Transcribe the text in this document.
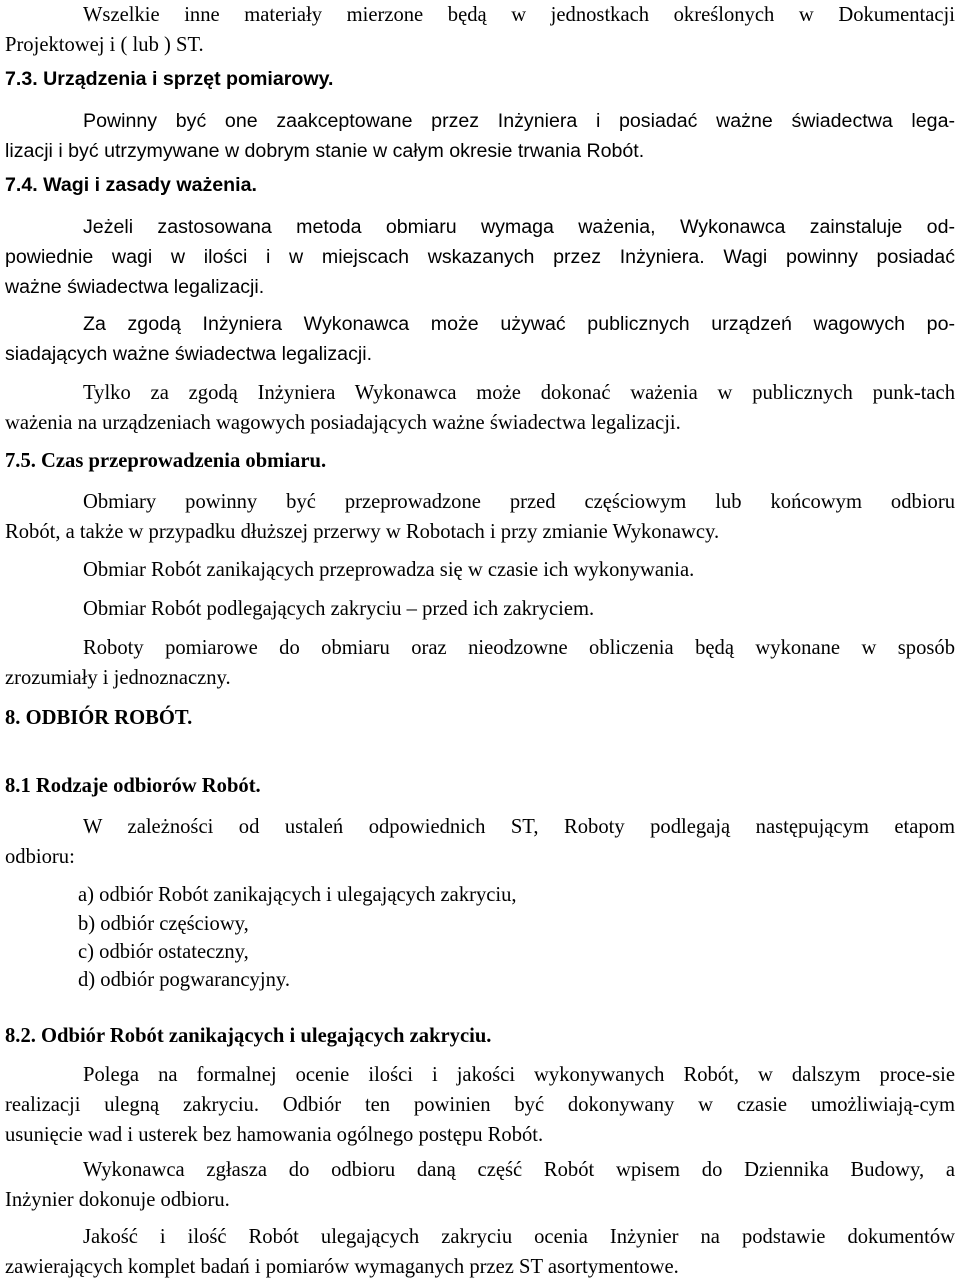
Wszelkie inne materiały mierzone będą w jednostkach określonych w Dokumentacji
Projektowej i ( lub ) ST.

7.3. Urządzenia i sprzęt pomiarowy.

Powinny być one zaakceptowane przez Inżyniera i posiadać ważne świadectwa lega-
lizacji i być utrzymywane w dobrym stanie w całym okresie trwania Robót.

7.4. Wagi i zasady ważenia.

Jeżeli zastosowana metoda obmiaru wymaga ważenia, Wykonawca zainstaluje od-
powiednie wagi w ilości i w miejscach wskazanych przez Inżyniera. Wagi powinny posiadać
ważne świadectwa legalizacji.

Za zgodą Inżyniera Wykonawca może używać publicznych urządzeń wagowych po-
siadających ważne świadectwa legalizacji.

Tylko za zgodą Inżyniera Wykonawca może dokonać ważenia w publicznych punk-tach
ważenia na urządzeniach wagowych posiadających ważne świadectwa legalizacji.

7.5. Czas przeprowadzenia obmiaru.

Obmiary powinny być przeprowadzone przed częściowym lub końcowym odbioru
Robót, a także w przypadku dłuższej przerwy w Robotach i przy zmianie Wykonawcy.

Obmiar Robót zanikających przeprowadza się w czasie ich wykonywania.

Obmiar Robót podlegających zakryciu – przed ich zakryciem.

Roboty pomiarowe do obmiaru oraz nieodzowne obliczenia będą wykonane w sposób
zrozumiały i jednoznaczny.

8. ODBIÓR ROBÓT.

8.1 Rodzaje odbiorów Robót.

W zależności od ustaleń odpowiednich ST, Roboty podlegają następującym etapom
odbioru:

a) odbiór Robót zanikających i ulegających zakryciu,
b) odbiór częściowy,
c) odbiór ostateczny,
d) odbiór pogwarancyjny.

8.2. Odbiór Robót zanikających i ulegających zakryciu.

Polega na formalnej ocenie ilości i jakości wykonywanych Robót, w dalszym proce-sie
realizacji ulegną zakryciu. Odbiór ten powinien być dokonywany w czasie umożliwiają-cym
usunięcie wad i usterek bez hamowania ogólnego postępu Robót.

Wykonawca zgłasza do odbioru daną część Robót wpisem do Dziennika Budowy, a
Inżynier dokonuje odbioru.

Jakość i ilość Robót ulegających zakryciu ocenia Inżynier na podstawie dokumentów
zawierających komplet badań i pomiarów wymaganych przez ST asortymentowe.
